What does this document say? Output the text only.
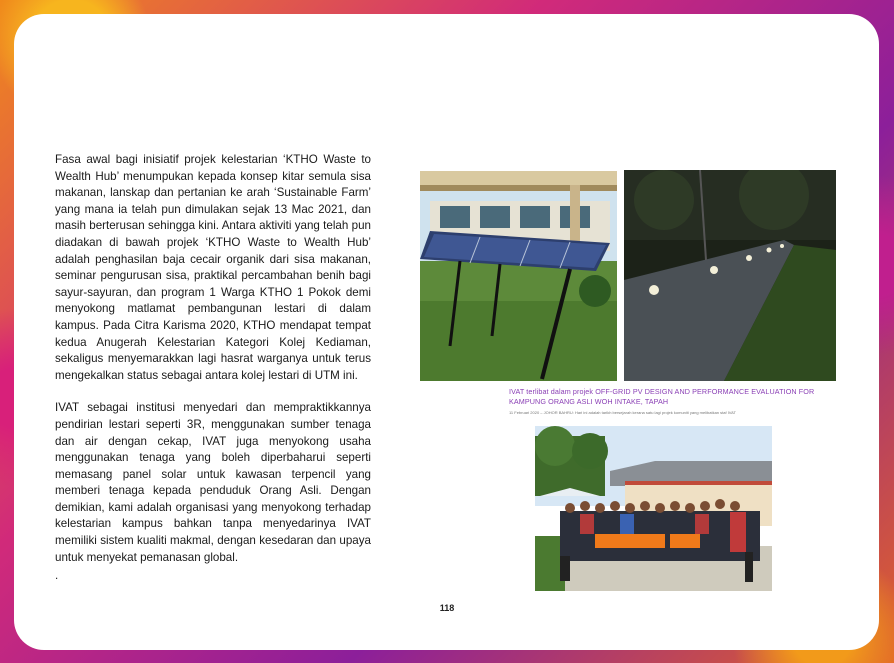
Fasa awal bagi inisiatif projek kelestarian ‘KTHO Waste to Wealth Hub’ menumpukan kepada konsep kitar semula sisa makanan, lanskap dan pertanian ke arah ‘Sustainable Farm’ yang mana ia telah pun dimulakan sejak 13 Mac 2021, dan masih berterusan sehingga kini. Antara aktiviti yang telah pun diadakan di bawah projek ‘KTHO Waste to Wealth Hub’ adalah penghasilan baja cecair organik dari sisa makanan, seminar pengurusan sisa, praktikal percambahan benih bagi sayur-sayuran, dan program 1 Warga KTHO 1 Pokok demi menyokong matlamat pembangunan lestari di dalam kampus. Pada Citra Karisma 2020, KTHO mendapat tempat kedua Anugerah Kelestarian Kategori Kolej Kediaman, sekaligus menyemarakkan lagi hasrat warganya untuk terus mengekalkan status sebagai antara kolej lestari di UTM ini.

IVAT sebagai institusi menyedari dan mempraktikkannya pendirian lestari seperti 3R, menggunakan sumber tenaga dan air dengan cekap, IVAT juga menyokong usaha menggunakan tenaga yang boleh diperbaharui seperti memasang panel solar untuk kawasan terpencil yang memberi tenaga kepada penduduk Orang Asli. Dengan demikian, kami adalah organisasi yang menyokong terhadap kelestarian kampus bahkan tanpa menyedarinya IVAT memiliki sistem kualiti makmal, dengan kesedaran dan upaya untuk menyekat pemanasan global.

.
IVAT terlibat dalam projek OFF-GRID PV DESIGN AND PERFORMANCE EVALUATION FOR KAMPUNG ORANG ASLI WOH INTAKE, TAPAH
11 Februari 2020 – JOHOR BAHRU: Hari ini adalah tarikh bersejarah kerana satu lagi projek komuniti yang melibatkan staf IVAT
118
